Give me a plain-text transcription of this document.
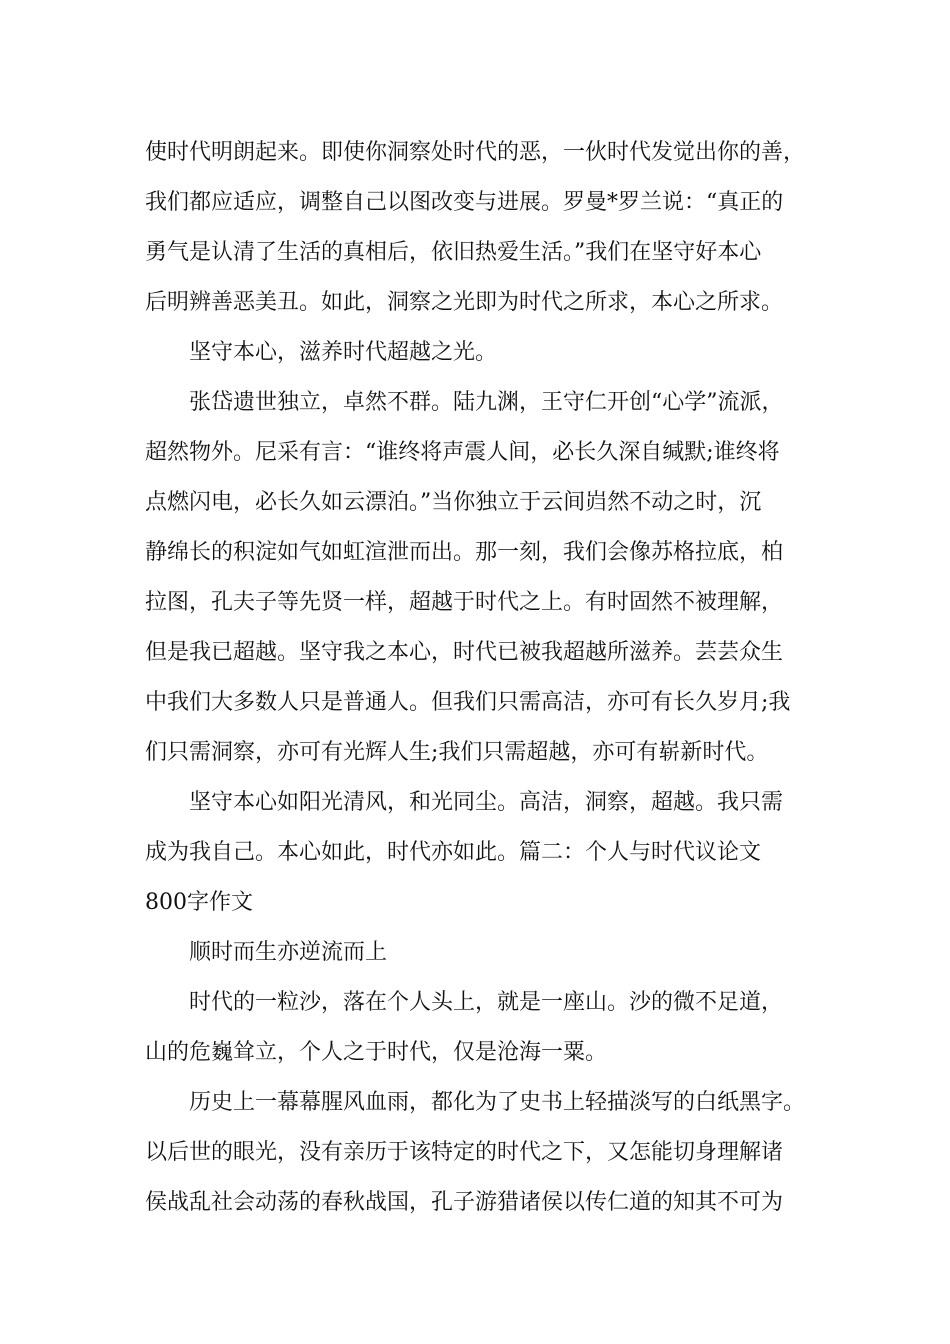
使时代明朗起来。即使你洞察处时代的恶，一伙时代发觉出你的善，
我们都应适应，调整自己以图改变与进展。罗曼*罗兰说：“真正的
勇气是认清了生活的真相后，依旧热爱生活。”我们在坚守好本心
后明辨善恶美丑。如此，洞察之光即为时代之所求，本心之所求。
坚守本心，滋养时代超越之光。
张岱遗世独立，卓然不群。陆九渊，王守仁开创“心学”流派，
超然物外。尼采有言：“谁终将声震人间，必长久深自缄默;谁终将
点燃闪电，必长久如云漂泊。”当你独立于云间岿然不动之时，沉
静绵长的积淀如气如虹渲泄而出。那一刻，我们会像苏格拉底，柏
拉图，孔夫子等先贤一样，超越于时代之上。有时固然不被理解，
但是我已超越。坚守我之本心，时代已被我超越所滋养。芸芸众生
中我们大多数人只是普通人。但我们只需高洁，亦可有长久岁月;我
们只需洞察，亦可有光辉人生;我们只需超越，亦可有崭新时代。
坚守本心如阳光清风，和光同尘。高洁，洞察，超越。我只需
成为我自己。本心如此，时代亦如此。篇二：个人与时代议论文
800字作文
顺时而生亦逆流而上
时代的一粒沙，落在个人头上，就是一座山。沙的微不足道，
山的危巍耸立，个人之于时代，仅是沧海一粟。
历史上一幕幕腥风血雨，都化为了史书上轻描淡写的白纸黑字。
以后世的眼光，没有亲历于该特定的时代之下，又怎能切身理解诸
侯战乱社会动荡的春秋战国，孔子游猎诸侯以传仁道的知其不可为
